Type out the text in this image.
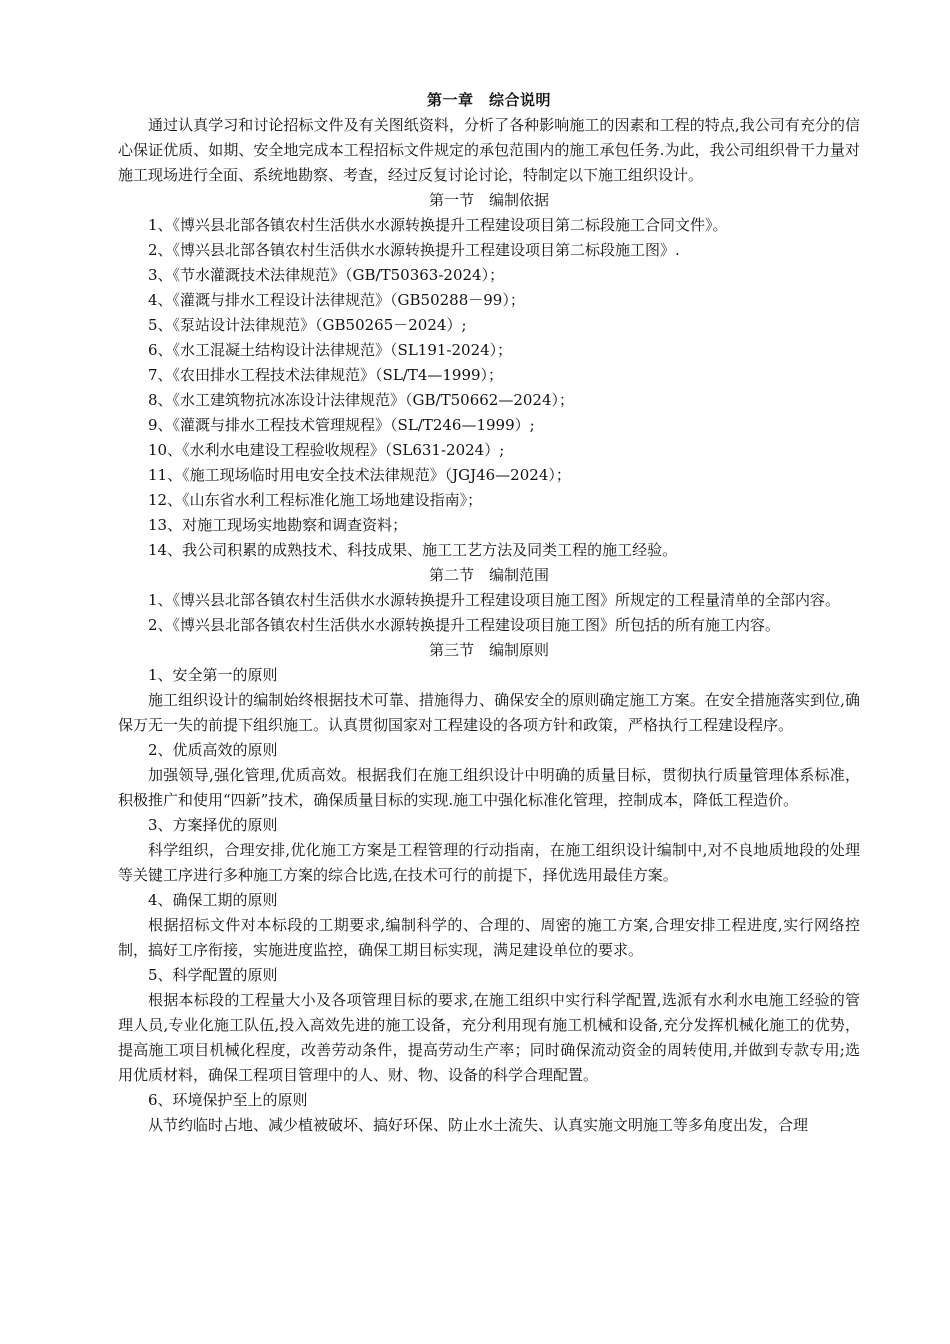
第一章　综合说明

通过认真学习和讨论招标文件及有关图纸资料，分析了各种影响施工的因素和工程的特点,我公司有充分的信心保证优质、如期、安全地完成本工程招标文件规定的承包范围内的施工承包任务.为此，我公司组织骨干力量对施工现场进行全面、系统地勘察、考查，经过反复讨论讨论，特制定以下施工组织设计。

第一节　编制依据
1、《博兴县北部各镇农村生活供水水源转换提升工程建设项目第二标段施工合同文件》。
2、《博兴县北部各镇农村生活供水水源转换提升工程建设项目第二标段施工图》.
3、《节水灌溉技术法律规范》（GB/T50363-2024）；
4、《灌溉与排水工程设计法律规范》（GB50288－99）；
5、《泵站设计法律规范》（GB50265－2024）;
6、《水工混凝土结构设计法律规范》（SL191-2024）；
7、《农田排水工程技术法律规范》（SL/T4—1999）；
8、《水工建筑物抗冰冻设计法律规范》（GB/T50662—2024）；
9、《灌溉与排水工程技术管理规程》（SL/T246—1999）;
10、《水利水电建设工程验收规程》（SL631-2024）;
11、《施工现场临时用电安全技术法律规范》（JGJ46—2024）；
12、《山东省水利工程标准化施工场地建设指南》；
13、对施工现场实地勘察和调查资料；
14、我公司积累的成熟技术、科技成果、施工工艺方法及同类工程的施工经验。
第二节　编制范围
1、《博兴县北部各镇农村生活供水水源转换提升工程建设项目施工图》所规定的工程量清单的全部内容。
2、《博兴县北部各镇农村生活供水水源转换提升工程建设项目施工图》所包括的所有施工内容。
第三节　编制原则
1、安全第一的原则

施工组织设计的编制始终根据技术可靠、措施得力、确保安全的原则确定施工方案。在安全措施落实到位,确保万无一失的前提下组织施工。认真贯彻国家对工程建设的各项方针和政策，严格执行工程建设程序。

2、优质高效的原则

加强领导,强化管理,优质高效。根据我们在施工组织设计中明确的质量目标，贯彻执行质量管理体系标准，积极推广和使用“四新”技术，确保质量目标的实现.施工中强化标准化管理，控制成本，降低工程造价。

3、方案择优的原则

科学组织，合理安排,优化施工方案是工程管理的行动指南，在施工组织设计编制中,对不良地质地段的处理等关键工序进行多种施工方案的综合比选,在技术可行的前提下，择优选用最佳方案。

4、确保工期的原则

根据招标文件对本标段的工期要求,编制科学的、合理的、周密的施工方案,合理安排工程进度,实行网络控制，搞好工序衔接，实施进度监控，确保工期目标实现，满足建设单位的要求。

5、科学配置的原则

根据本标段的工程量大小及各项管理目标的要求,在施工组织中实行科学配置,选派有水利水电施工经验的管理人员,专业化施工队伍,投入高效先进的施工设备，充分利用现有施工机械和设备,充分发挥机械化施工的优势，提高施工项目机械化程度，改善劳动条件，提高劳动生产率；同时确保流动资金的周转使用,并做到专款专用;选用优质材料，确保工程项目管理中的人、财、物、设备的科学合理配置。

6、环境保护至上的原则

从节约临时占地、减少植被破坏、搞好环保、防止水土流失、认真实施文明施工等多角度出发，合理
